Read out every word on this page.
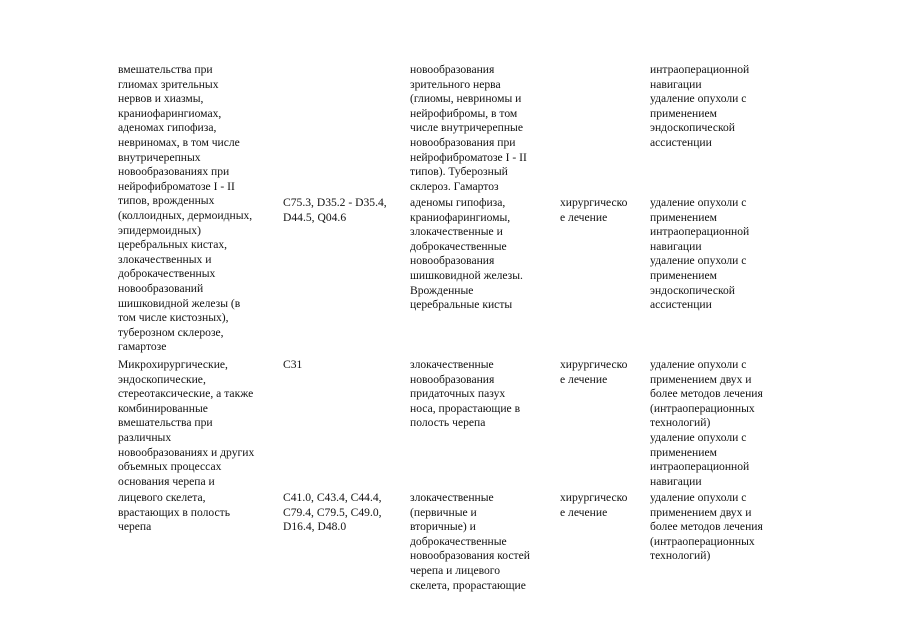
вмешательства при
глиомах зрительных
нервов и хиазмы,
краниофарингиомах,
аденомах гипофиза,
невриномах, в том числе
внутричерепных
новообразованиях при
нейрофиброматозе I - II
типов, врожденных
(коллоидных, дермоидных,
эпидермоидных)
церебральных кистах,
злокачественных и
доброкачественных
новообразований
шишковидной железы (в
том числе кистозных),
туберозном склерозе,
гамартозе

новообразования
зрительного нерва
(глиомы, невриномы и
нейрофибромы, в том
числе внутричерепные
новообразования при
нейрофиброматозе I - II
типов). Туберозный
склероз. Гамартоз

интраоперационной
навигации
удаление опухоли с
применением
эндоскопической
ассистенции

C75.3, D35.2 - D35.4,
D44.5, Q04.6

аденомы гипофиза,
краниофарингиомы,
злокачественные и
доброкачественные
новообразования
шишковидной железы.
Врожденные
церебральные кисты

хирургическо
е лечение

удаление опухоли с
применением
интраоперационной
навигации
удаление опухоли с
применением
эндоскопической
ассистенции

Микрохирургические,
эндоскопические,
стереотаксические, а также
комбинированные
вмешательства при
различных
новообразованиях и других
объемных процессах
основания черепа и

C31	злокачественные
новообразования
придаточных пазух
носа, прорастающие в
полость черепа

хирургическо
е лечение

удаление опухоли с
применением двух и
более методов лечения
(интраоперационных
технологий)
удаление опухоли с
применением
интраоперационной
навигации

лицевого скелета,
врастающих в полость
черепа

C41.0, C43.4, C44.4,
C79.4, C79.5, C49.0,
D16.4, D48.0

злокачественные
(первичные и
вторичные) и
доброкачественные
новообразования костей
черепа и лицевого
скелета, прорастающие

хирургическо
е лечение

удаление опухоли с
применением двух и
более методов лечения
(интраоперационных
технологий)
